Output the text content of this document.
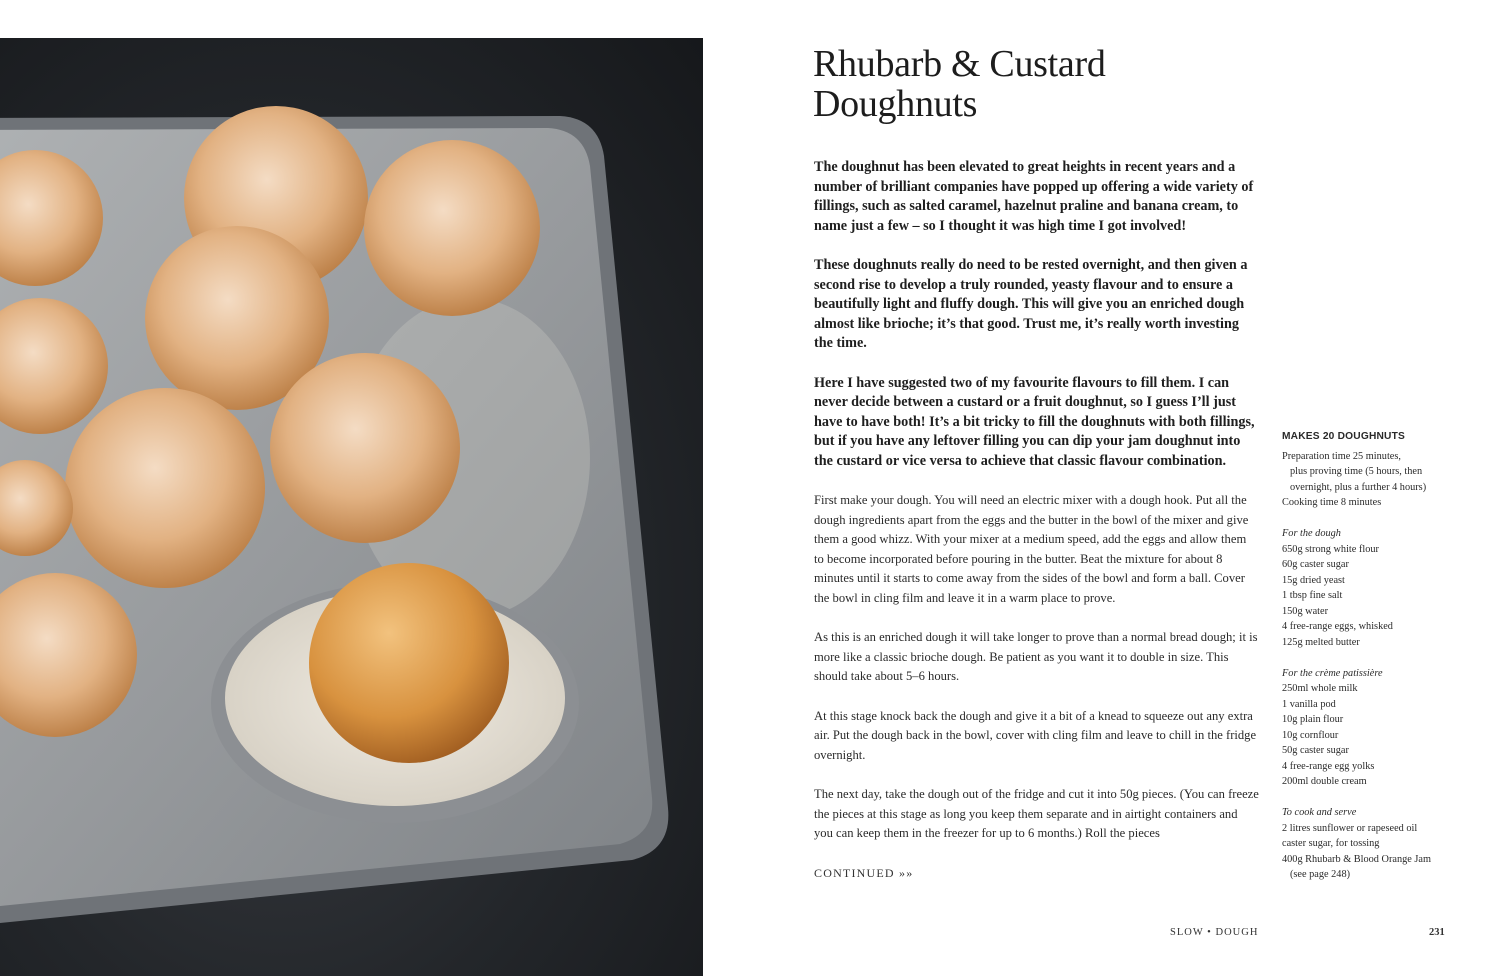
Rhubarb & Custard
Doughnuts

The doughnut has been elevated to great heights in recent years and a number of brilliant companies have popped up offering a wide variety of fillings, such as salted caramel, hazelnut praline and banana cream, to name just a few – so I thought it was high time I got involved!

These doughnuts really do need to be rested overnight, and then given a second rise to develop a truly rounded, yeasty flavour and to ensure a beautifully light and fluffy dough. This will give you an enriched dough almost like brioche; it’s that good. Trust me, it’s really worth investing the time.

Here I have suggested two of my favourite flavours to fill them. I can never decide between a custard or a fruit doughnut, so I guess I’ll just have to have both! It’s a bit tricky to fill the doughnuts with both fillings, but if you have any leftover filling you can dip your jam doughnut into the custard or vice versa to achieve that classic flavour combination.

First make your dough. You will need an electric mixer with a dough hook. Put all the dough ingredients apart from the eggs and the butter in the bowl of the mixer and give them a good whizz. With your mixer at a medium speed, add the eggs and allow them to become incorporated before pouring in the butter. Beat the mixture for about 8 minutes until it starts to come away from the sides of the bowl and form a ball. Cover the bowl in cling film and leave it in a warm place to prove.

As this is an enriched dough it will take longer to prove than a normal bread dough; it is more like a classic brioche dough. Be patient as you want it to double in size. This should take about 5–6 hours.

At this stage knock back the dough and give it a bit of a knead to squeeze out any extra air. Put the dough back in the bowl, cover with cling film and leave to chill in the fridge overnight.

The next day, take the dough out of the fridge and cut it into 50g pieces. (You can freeze the pieces at this stage as long you keep them separate and in airtight containers and you can keep them in the freezer for up to 6 months.) Roll the pieces

CONTINUED »»
MAKES 20 DOUGHNUTS
Preparation time 25 minutes,
plus proving time (5 hours, then
overnight, plus a further 4 hours)
Cooking time 8 minutes
For the dough
650g strong white flour
60g caster sugar
15g dried yeast
1 tbsp fine salt
150g water
4 free-range eggs, whisked
125g melted butter
For the crème patissière
250ml whole milk
1 vanilla pod
10g plain flour
10g cornflour
50g caster sugar
4 free-range egg yolks
200ml double cream
To cook and serve
2 litres sunflower or rapeseed oil
caster sugar, for tossing
400g Rhubarb & Blood Orange Jam
(see page 248)
SLOW • DOUGH	231
